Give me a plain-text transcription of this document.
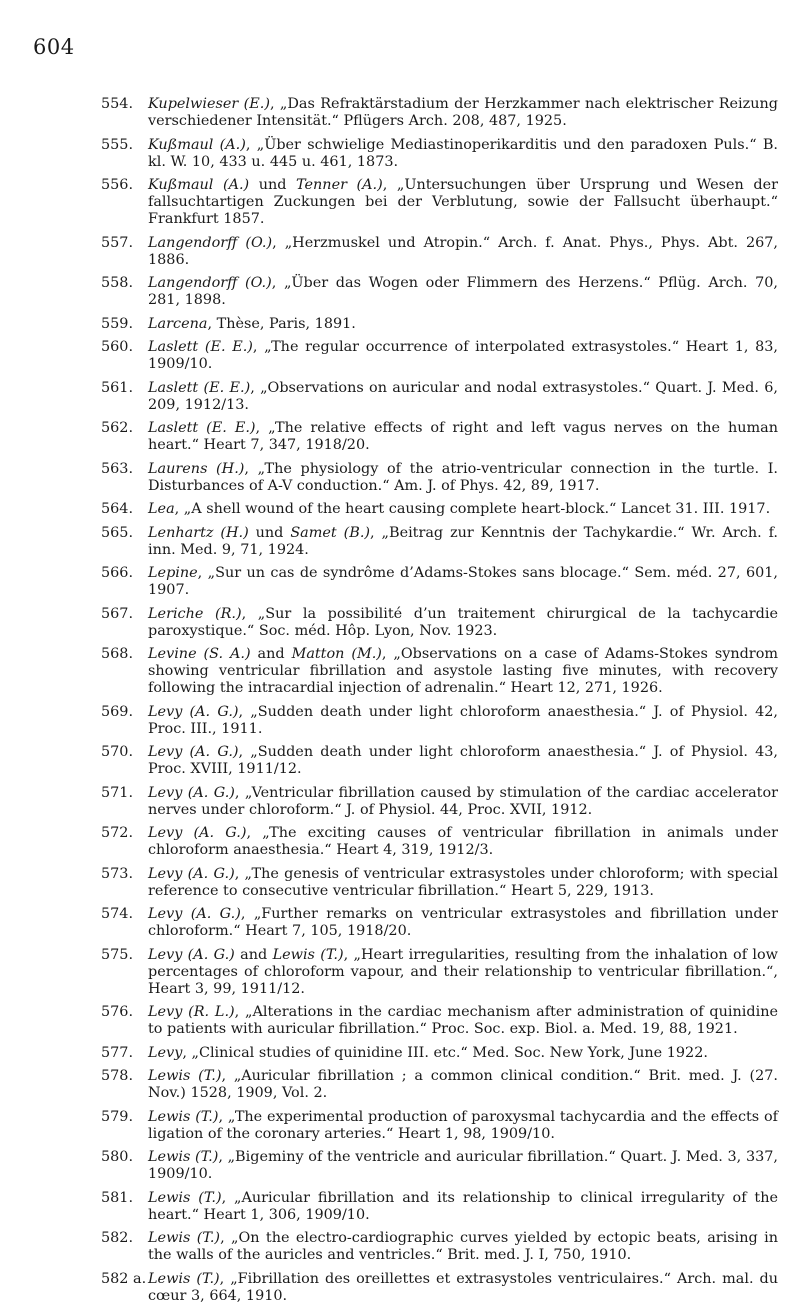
604
554. Kupelwieser (E.), „Das Refraktärstadium der Herzkammer nach elektrischer Reizung verschiedener Intensität.“ Pflügers Arch. 208, 487, 1925.
555. Kußmaul (A.), „Über schwielige Mediastinoperikarditis und den paradoxen Puls.“ B. kl. W. 10, 433 u. 445 u. 461, 1873.
556. Kußmaul (A.) und Tenner (A.), „Untersuchungen über Ursprung und Wesen der fallsuchtartigen Zuckungen bei der Verblutung, sowie der Fallsucht überhaupt.“ Frankfurt 1857.
557. Langendorff (O.), „Herzmuskel und Atropin.“ Arch. f. Anat. Phys., Phys. Abt. 267, 1886.
558. Langendorff (O.), „Über das Wogen oder Flimmern des Herzens.“ Pflüg. Arch. 70, 281, 1898.
559. Larcena, Thèse, Paris, 1891.
560. Laslett (E. E.), „The regular occurrence of interpolated extrasystoles.“ Heart 1, 83, 1909/10.
561. Laslett (E. E.), „Observations on auricular and nodal extrasystoles.“ Quart. J. Med. 6, 209, 1912/13.
562. Laslett (E. E.), „The relative effects of right and left vagus nerves on the human heart.“ Heart 7, 347, 1918/20.
563. Laurens (H.), „The physiology of the atrio-ventricular connection in the turtle. I. Disturbances of A-V conduction.“ Am. J. of Phys. 42, 89, 1917.
564. Lea, „A shell wound of the heart causing complete heart-block.“ Lancet 31. III. 1917.
565. Lenhartz (H.) und Samet (B.), „Beitrag zur Kenntnis der Tachykardie.“ Wr. Arch. f. inn. Med. 9, 71, 1924.
566. Lepine, „Sur un cas de syndrôme d’Adams-Stokes sans blocage.“ Sem. méd. 27, 601, 1907.
567. Leriche (R.), „Sur la possibilité d’un traitement chirurgical de la tachycardie paroxystique.“ Soc. méd. Hôp. Lyon, Nov. 1923.
568. Levine (S. A.) and Matton (M.), „Observations on a case of Adams-Stokes syndrom showing ventricular fibrillation and asystole lasting five minutes, with recovery following the intracardial injection of adrenalin.“ Heart 12, 271, 1926.
569. Levy (A. G.), „Sudden death under light chloroform anaesthesia.“ J. of Physiol. 42, Proc. III., 1911.
570. Levy (A. G.), „Sudden death under light chloroform anaesthesia.“ J. of Physiol. 43, Proc. XVIII, 1911/12.
571. Levy (A. G.), „Ventricular fibrillation caused by stimulation of the cardiac accelerator nerves under chloroform.“ J. of Physiol. 44, Proc. XVII, 1912.
572. Levy (A. G.), „The exciting causes of ventricular fibrillation in animals under chloroform anaesthesia.“ Heart 4, 319, 1912/3.
573. Levy (A. G.), „The genesis of ventricular extrasystoles under chloroform; with special reference to consecutive ventricular fibrillation.“ Heart 5, 229, 1913.
574. Levy (A. G.), „Further remarks on ventricular extrasystoles and fibrillation under chloroform.“ Heart 7, 105, 1918/20.
575. Levy (A. G.) and Lewis (T.), „Heart irregularities, resulting from the inhalation of low percentages of chloroform vapour, and their relationship to ventricular fibrillation.“, Heart 3, 99, 1911/12.
576. Levy (R. L.), „Alterations in the cardiac mechanism after administration of quinidine to patients with auricular fibrillation.“ Proc. Soc. exp. Biol. a. Med. 19, 88, 1921.
577. Levy, „Clinical studies of quinidine III. etc.“ Med. Soc. New York, June 1922.
578. Lewis (T.), „Auricular fibrillation ; a common clinical condition.“ Brit. med. J. (27. Nov.) 1528, 1909, Vol. 2.
579. Lewis (T.), „The experimental production of paroxysmal tachycardia and the effects of ligation of the coronary arteries.“ Heart 1, 98, 1909/10.
580. Lewis (T.), „Bigeminy of the ventricle and auricular fibrillation.“ Quart. J. Med. 3, 337, 1909/10.
581. Lewis (T.), „Auricular fibrillation and its relationship to clinical irregularity of the heart.“ Heart 1, 306, 1909/10.
582. Lewis (T.), „On the electro-cardiographic curves yielded by ectopic beats, arising in the walls of the auricles and ventricles.“ Brit. med. J. I, 750, 1910.
582 a. Lewis (T.), „Fibrillation des oreillettes et extrasystoles ventriculaires.“ Arch. mal. du cœur 3, 664, 1910.
